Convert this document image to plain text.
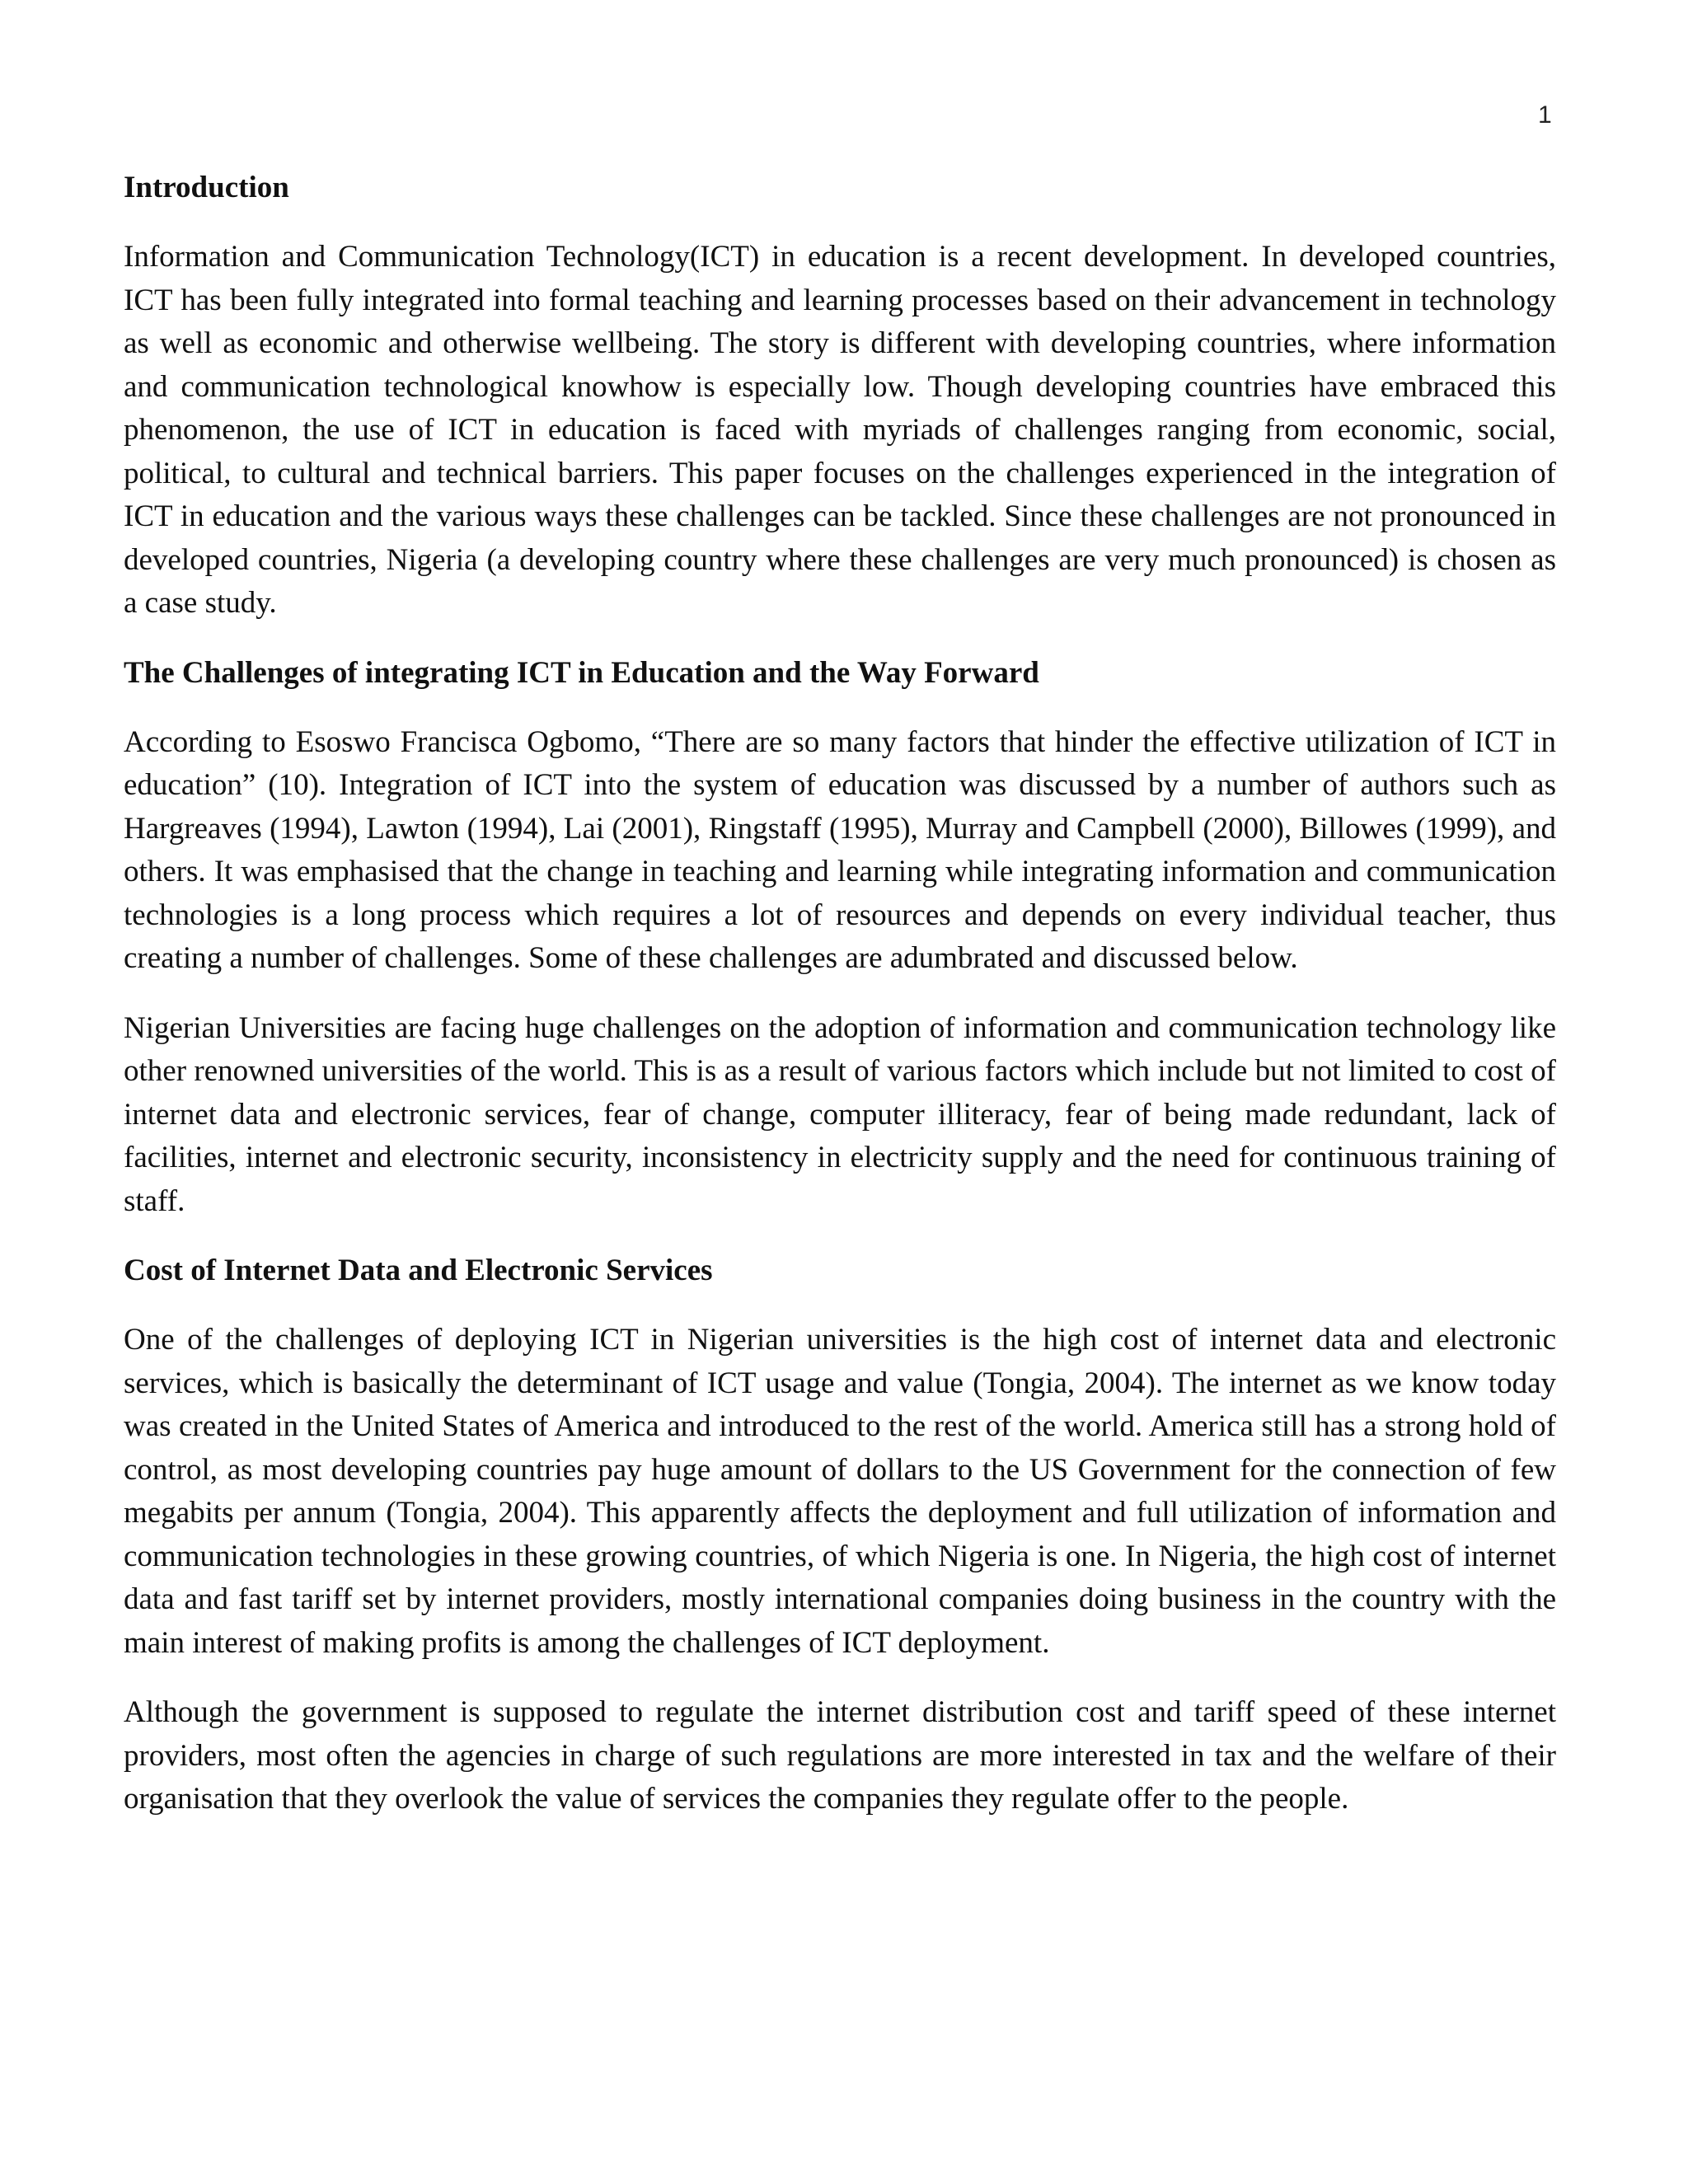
1
Introduction

Information and Communication Technology(ICT) in education is a recent development. In developed countries, ICT has been fully integrated into formal teaching and learning processes based on their advancement in technology as well as economic and otherwise wellbeing. The story is different with developing countries, where information and communication technological knowhow is especially low. Though developing countries have embraced this phenomenon, the use of ICT in education is faced with myriads of challenges ranging from economic, social, political, to cultural and technical barriers. This paper focuses on the challenges experienced in the integration of ICT in education and the various ways these challenges can be tackled. Since these challenges are not pronounced in developed countries, Nigeria (a developing country where these challenges are very much pronounced) is chosen as a case study.

The Challenges of integrating ICT in Education and the Way Forward

According to Esoswo Francisca Ogbomo, “There are so many factors that hinder the effective utilization of ICT in education” (10). Integration of ICT into the system of education was discussed by a number of authors such as Hargreaves (1994), Lawton (1994), Lai (2001), Ringstaff (1995), Murray and Campbell (2000), Billowes (1999), and others. It was emphasised that the change in teaching and learning while integrating information and communication technologies is a long process which requires a lot of resources and depends on every individual teacher, thus creating a number of challenges. Some of these challenges are adumbrated and discussed below.

Nigerian Universities are facing huge challenges on the adoption of information and communication technology like other renowned universities of the world. This is as a result of various factors which include but not limited to cost of internet data and electronic services, fear of change, computer illiteracy, fear of being made redundant, lack of facilities, internet and electronic security, inconsistency in electricity supply and the need for continuous training of staff.

Cost of Internet Data and Electronic Services

One of the challenges of deploying ICT in Nigerian universities is the high cost of internet data and electronic services, which is basically the determinant of ICT usage and value (Tongia, 2004). The internet as we know today was created in the United States of America and introduced to the rest of the world. America still has a strong hold of control, as most developing countries pay huge amount of dollars to the US Government for the connection of few megabits per annum (Tongia, 2004). This apparently affects the deployment and full utilization of information and communication technologies in these growing countries, of which Nigeria is one. In Nigeria, the high cost of internet data and fast tariff set by internet providers, mostly international companies doing business in the country with the main interest of making profits is among the challenges of ICT deployment.

Although the government is supposed to regulate the internet distribution cost and tariff speed of these internet providers, most often the agencies in charge of such regulations are more interested in tax and the welfare of their organisation that they overlook the value of services the companies they regulate offer to the people.
